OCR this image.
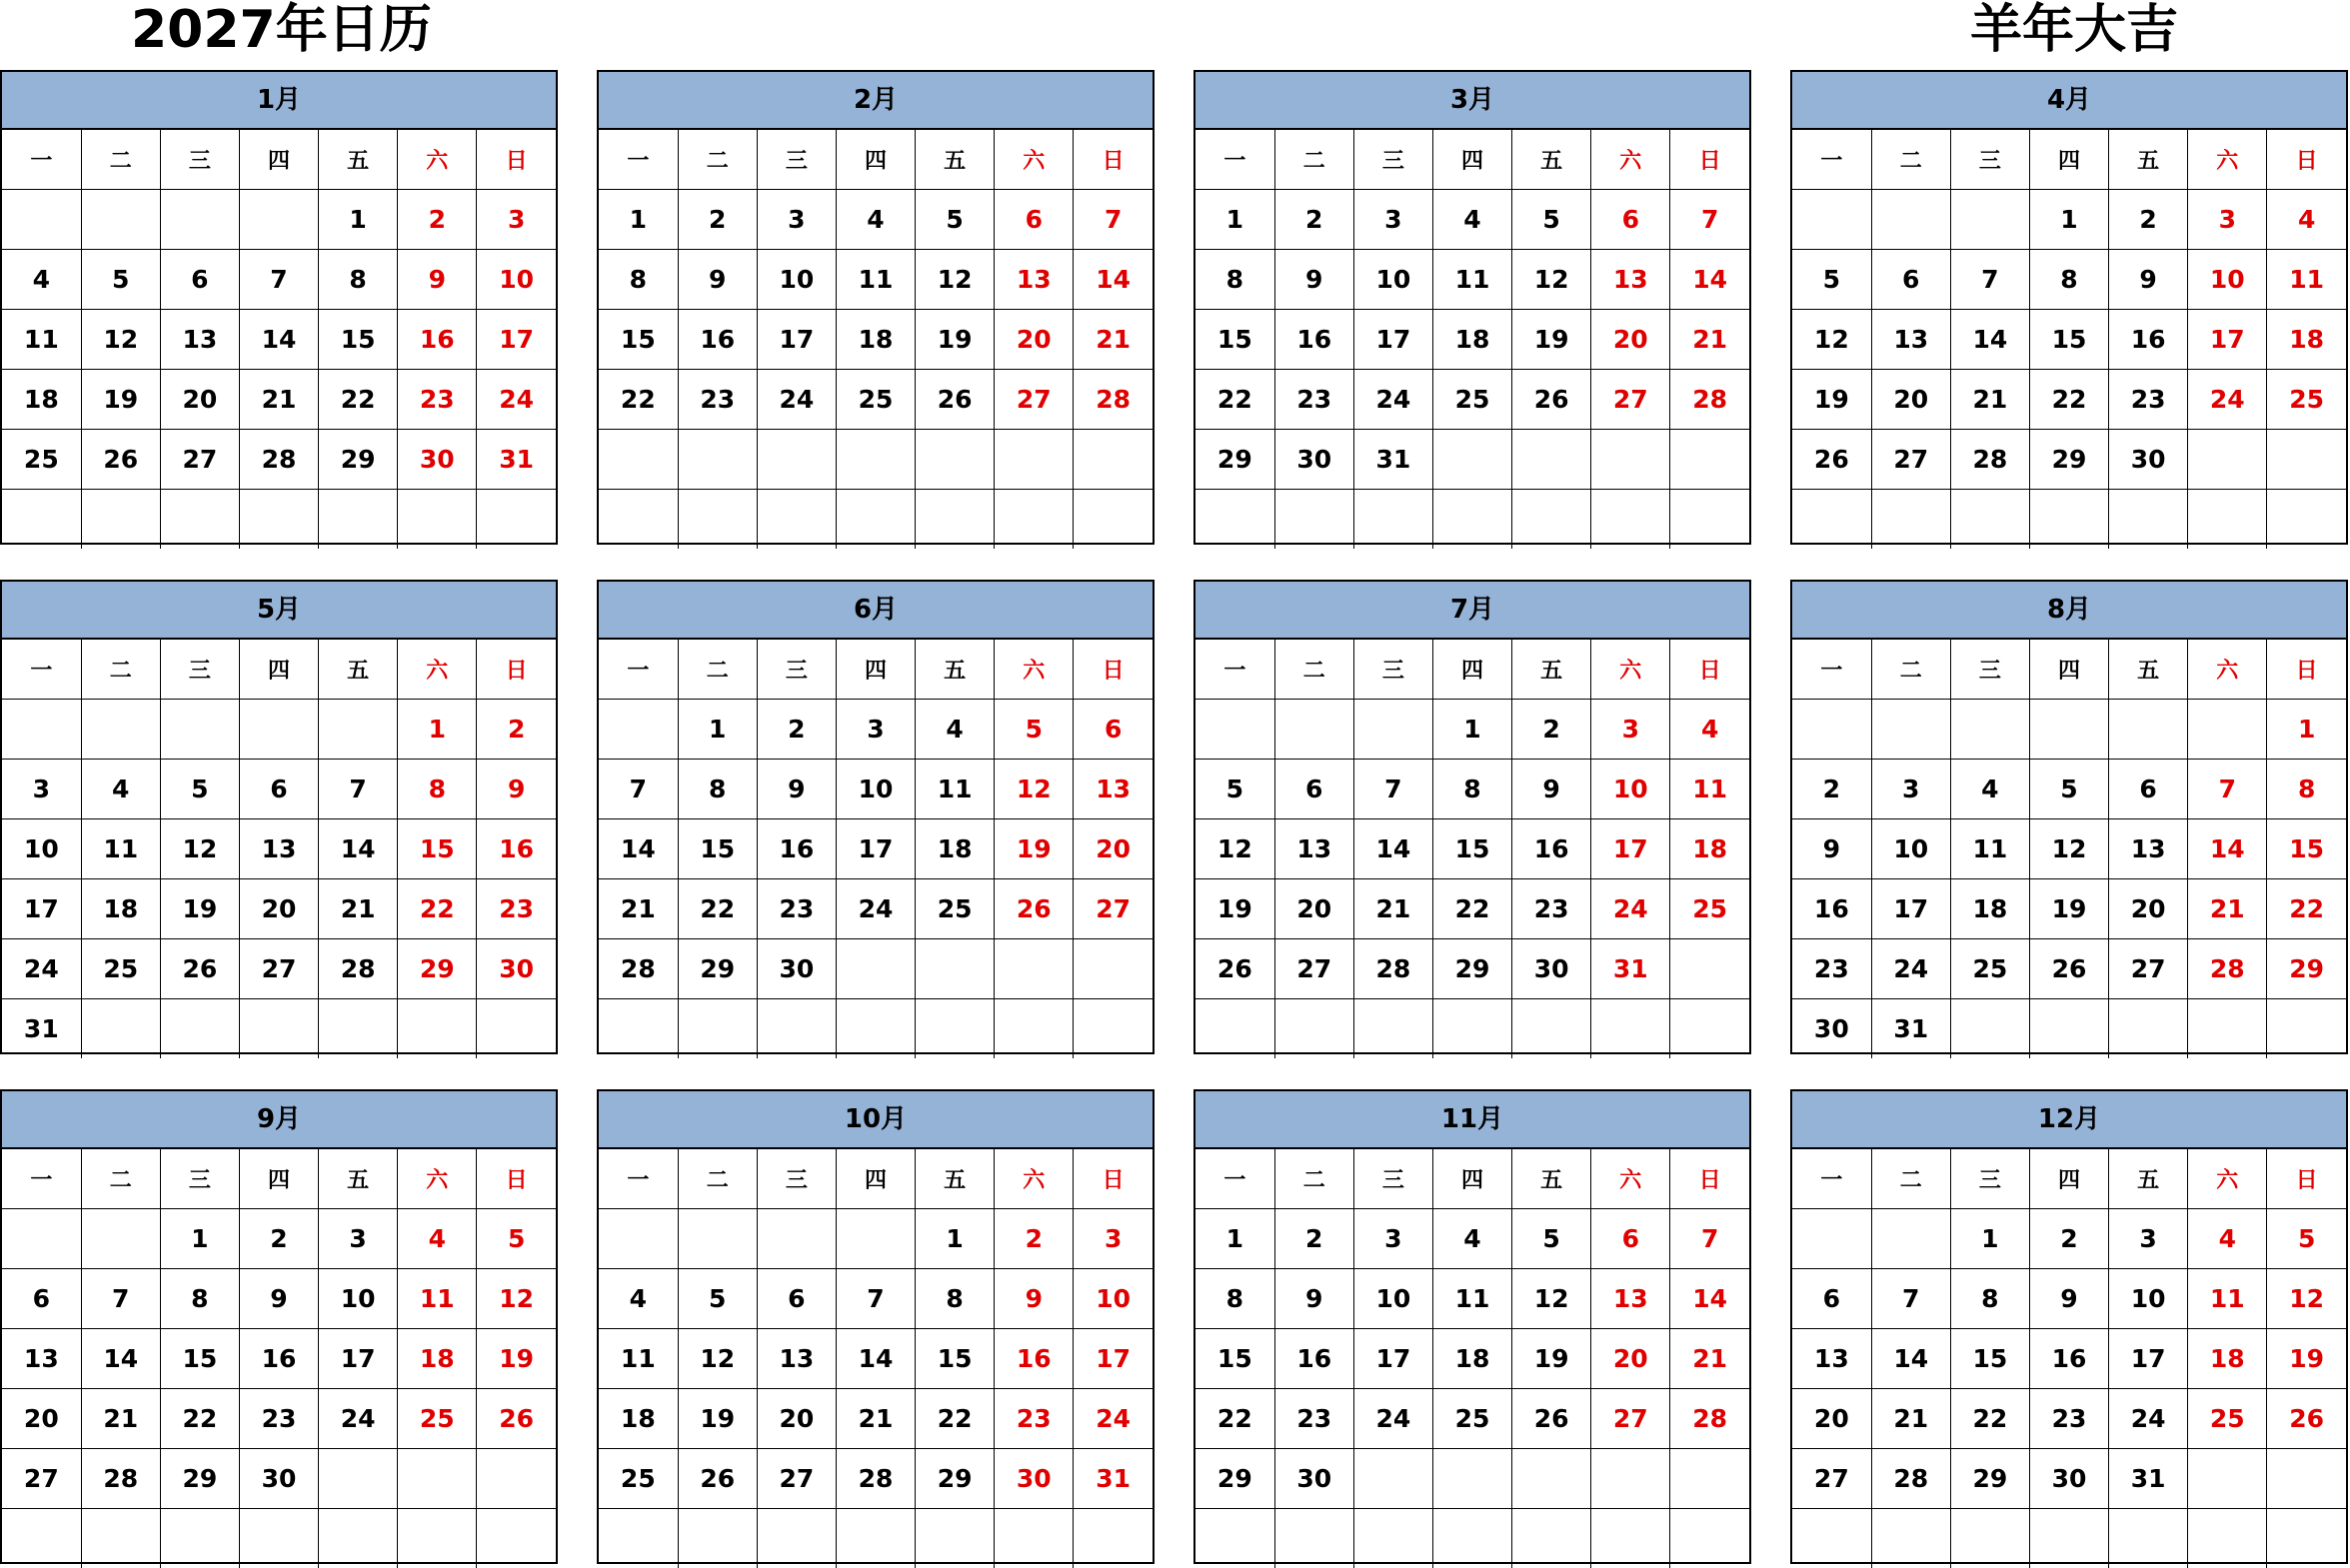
2027年日历	羊年大吉
1月
一	二	三	四	五	六	日
				1	2	3
4	5	6	7	8	9	10
11	12	13	14	15	16	17
18	19	20	21	22	23	24
25	26	27	28	29	30	31

2月
一	二	三	四	五	六	日
1	2	3	4	5	6	7
8	9	10	11	12	13	14
15	16	17	18	19	20	21
22	23	24	25	26	27	28

3月
一	二	三	四	五	六	日
1	2	3	4	5	6	7
8	9	10	11	12	13	14
15	16	17	18	19	20	21
22	23	24	25	26	27	28
29	30	31				

4月
一	二	三	四	五	六	日
			1	2	3	4
5	6	7	8	9	10	11
12	13	14	15	16	17	18
19	20	21	22	23	24	25
26	27	28	29	30		

5月
一	二	三	四	五	六	日
					1	2
3	4	5	6	7	8	9
10	11	12	13	14	15	16
17	18	19	20	21	22	23
24	25	26	27	28	29	30
31						
6月
一	二	三	四	五	六	日
	1	2	3	4	5	6
7	8	9	10	11	12	13
14	15	16	17	18	19	20
21	22	23	24	25	26	27
28	29	30				

7月
一	二	三	四	五	六	日
			1	2	3	4
5	6	7	8	9	10	11
12	13	14	15	16	17	18
19	20	21	22	23	24	25
26	27	28	29	30	31	

8月
一	二	三	四	五	六	日
						1
2	3	4	5	6	7	8
9	10	11	12	13	14	15
16	17	18	19	20	21	22
23	24	25	26	27	28	29
30	31					
9月
一	二	三	四	五	六	日
		1	2	3	4	5
6	7	8	9	10	11	12
13	14	15	16	17	18	19
20	21	22	23	24	25	26
27	28	29	30			

10月
一	二	三	四	五	六	日
				1	2	3
4	5	6	7	8	9	10
11	12	13	14	15	16	17
18	19	20	21	22	23	24
25	26	27	28	29	30	31

11月
一	二	三	四	五	六	日
1	2	3	4	5	6	7
8	9	10	11	12	13	14
15	16	17	18	19	20	21
22	23	24	25	26	27	28
29	30					

12月
一	二	三	四	五	六	日
		1	2	3	4	5
6	7	8	9	10	11	12
13	14	15	16	17	18	19
20	21	22	23	24	25	26
27	28	29	30	31		
